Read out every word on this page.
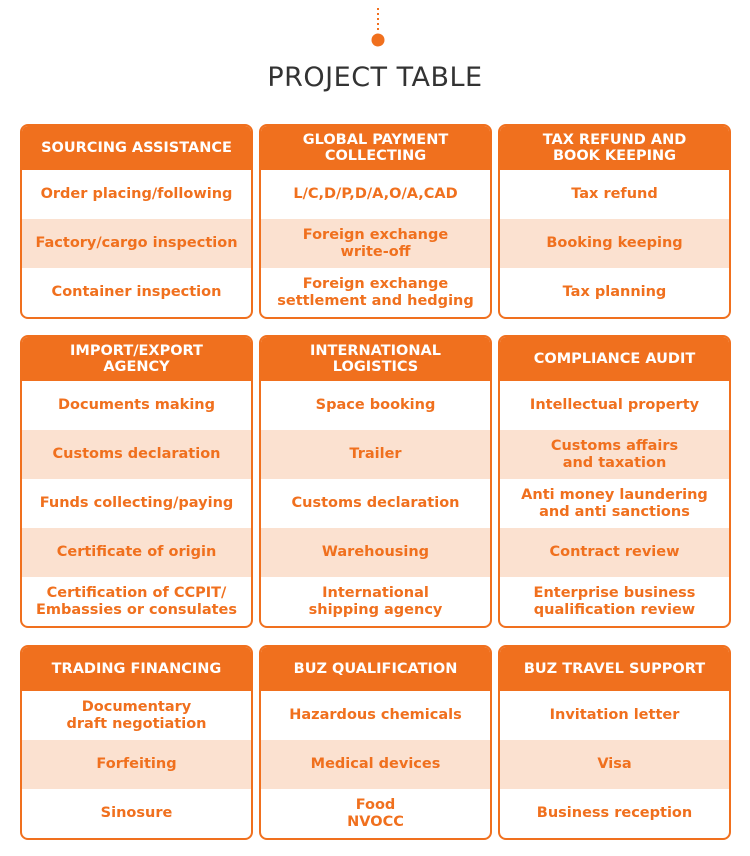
PROJECT TABLE
SOURCING ASSISTANCE
Order placing/following
Factory/cargo inspection
Container inspection
GLOBAL PAYMENT
COLLECTING
L/C,D/P,D/A,O/A,CAD
Foreign exchange
write-off
Foreign exchange
settlement and hedging
TAX REFUND AND
BOOK KEEPING
Tax refund
Booking keeping
Tax planning
IMPORT/EXPORT
AGENCY
Documents making
Customs declaration
Funds collecting/paying
Certificate of origin
Certification of CCPIT/
Embassies or consulates
INTERNATIONAL
LOGISTICS
Space booking
Trailer
Customs declaration
Warehousing
International
shipping agency
COMPLIANCE AUDIT
Intellectual property
Customs affairs
and taxation
Anti money laundering
and anti sanctions
Contract review
Enterprise business
qualification review
TRADING FINANCING
Documentary
draft negotiation
Forfeiting
Sinosure
BUZ QUALIFICATION
Hazardous chemicals
Medical devices
Food
NVOCC
BUZ TRAVEL SUPPORT
Invitation letter
Visa
Business reception
